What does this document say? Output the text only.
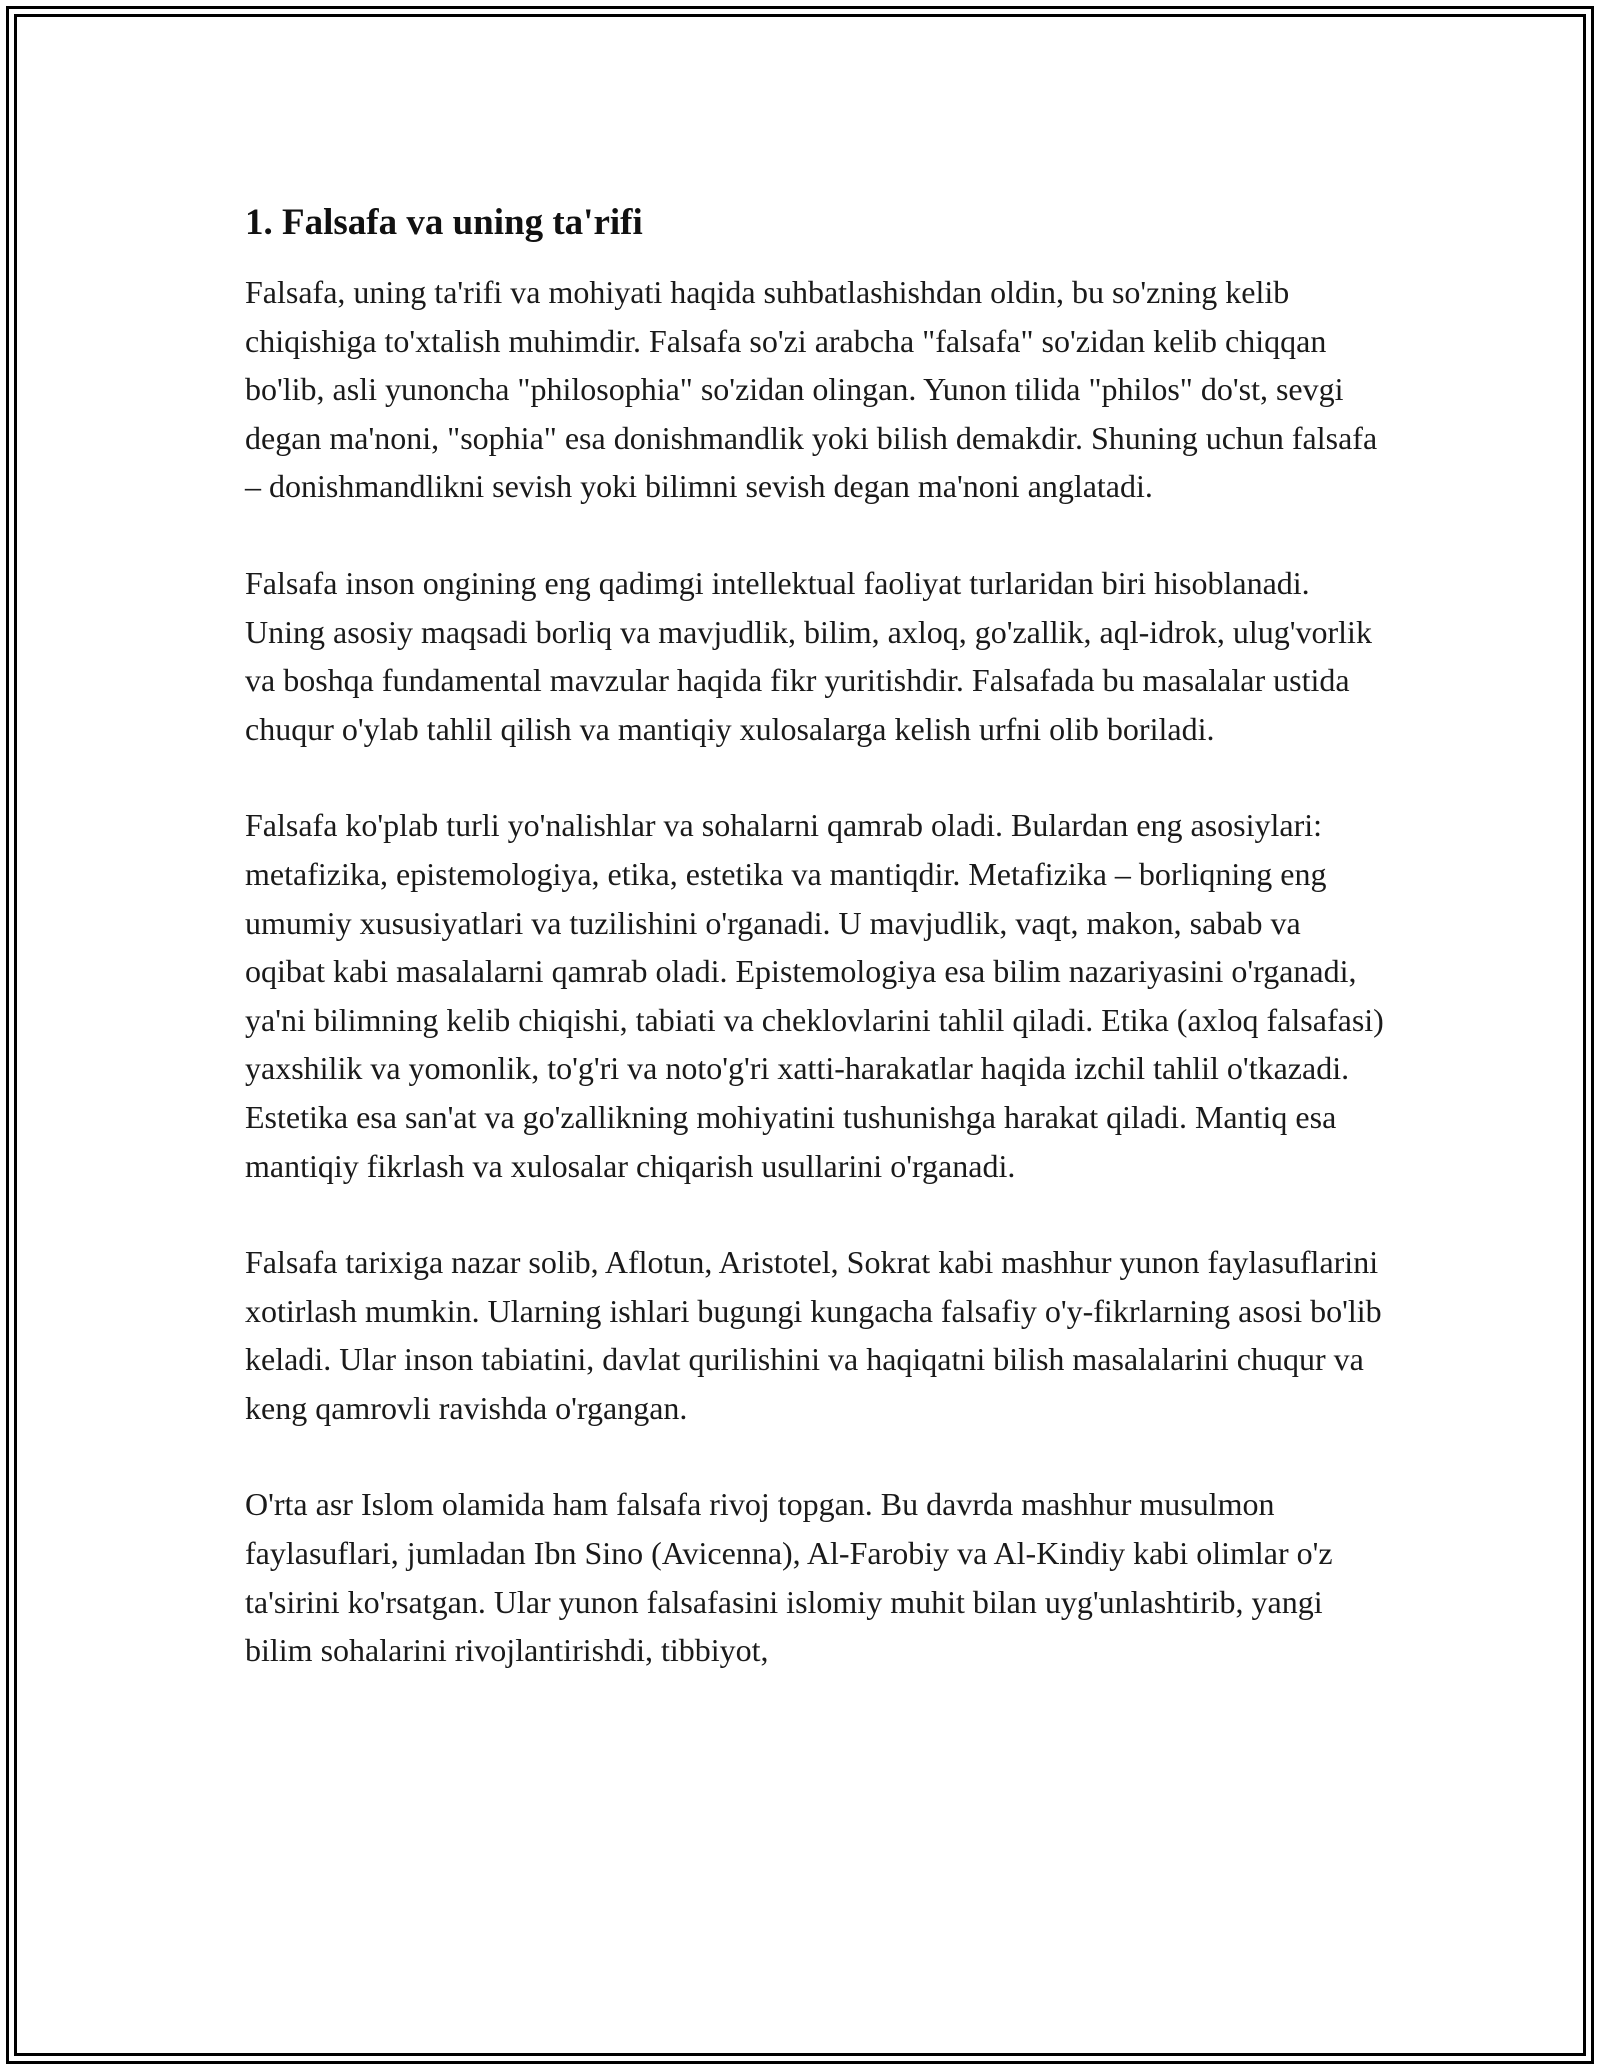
1. Falsafa va uning ta'rifi

Falsafa, uning ta'rifi va mohiyati haqida suhbatlashishdan oldin, bu so'zning kelib chiqishiga to'xtalish muhimdir. Falsafa so'zi arabcha "falsafa" so'zidan kelib chiqqan bo'lib, asli yunoncha "philosophia" so'zidan olingan. Yunon tilida "philos" do'st, sevgi degan ma'noni, "sophia" esa donishmandlik yoki bilish demakdir. Shuning uchun falsafa – donishmandlikni sevish yoki bilimni sevish degan ma'noni anglatadi.

Falsafa inson ongining eng qadimgi intellektual faoliyat turlaridan biri hisoblanadi. Uning asosiy maqsadi borliq va mavjudlik, bilim, axloq, go'zallik, aql-idrok, ulug'vorlik va boshqa fundamental mavzular haqida fikr yuritishdir. Falsafada bu masalalar ustida chuqur o'ylab tahlil qilish va mantiqiy xulosalarga kelish urfni olib boriladi.

Falsafa ko'plab turli yo'nalishlar va sohalarni qamrab oladi. Bulardan eng asosiylari: metafizika, epistemologiya, etika, estetika va mantiqdir. Metafizika – borliqning eng umumiy xususiyatlari va tuzilishini o'rganadi. U mavjudlik, vaqt, makon, sabab va oqibat kabi masalalarni qamrab oladi. Epistemologiya esa bilim nazariyasini o'rganadi, ya'ni bilimning kelib chiqishi, tabiati va cheklovlarini tahlil qiladi. Etika (axloq falsafasi) yaxshilik va yomonlik, to'g'ri va noto'g'ri xatti-harakatlar haqida izchil tahlil o'tkazadi. Estetika esa san'at va go'zallikning mohiyatini tushunishga harakat qiladi. Mantiq esa mantiqiy fikrlash va xulosalar chiqarish usullarini o'rganadi.

Falsafa tarixiga nazar solib, Aflotun, Aristotel, Sokrat kabi mashhur yunon faylasuflarini xotirlash mumkin. Ularning ishlari bugungi kungacha falsafiy o'y-fikrlarning asosi bo'lib keladi. Ular inson tabiatini, davlat qurilishini va haqiqatni bilish masalalarini chuqur va keng qamrovli ravishda o'rgangan.

O'rta asr Islom olamida ham falsafa rivoj topgan. Bu davrda mashhur musulmon faylasuflari, jumladan Ibn Sino (Avicenna), Al-Farobiy va Al-Kindiy kabi olimlar o'z ta'sirini ko'rsatgan. Ular yunon falsafasini islomiy muhit bilan uyg'unlashtirib, yangi bilim sohalarini rivojlantirishdi, tibbiyot,
